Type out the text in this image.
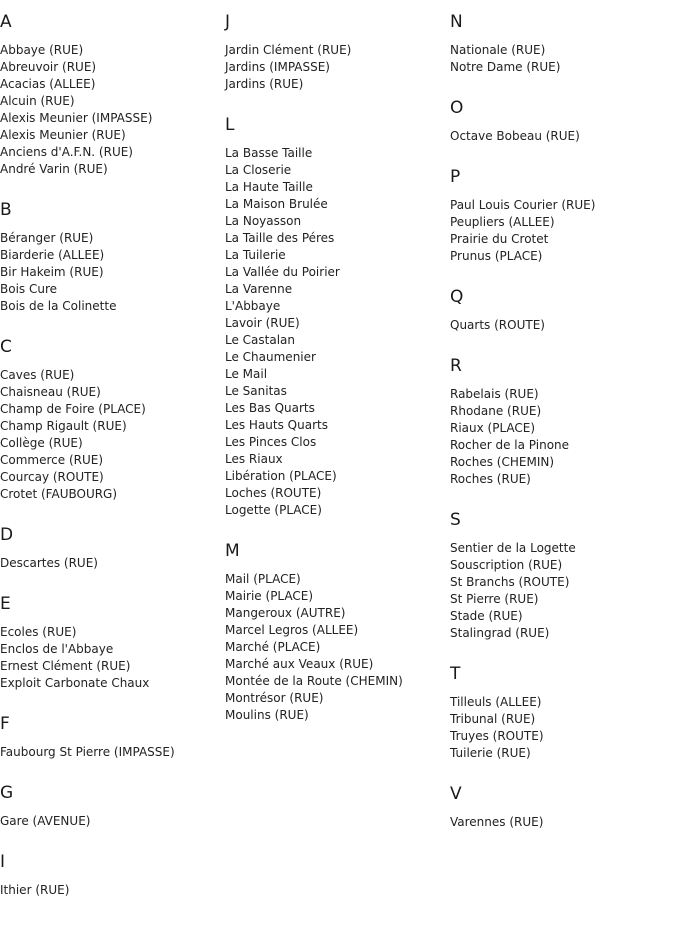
A
Abbaye (RUE)
Abreuvoir (RUE)
Acacias (ALLEE)
Alcuin (RUE)
Alexis Meunier (IMPASSE)
Alexis Meunier (RUE)
Anciens d'A.F.N. (RUE)
André Varin (RUE)
B
Béranger (RUE)
Biarderie (ALLEE)
Bir Hakeim (RUE)
Bois Cure
Bois de la Colinette
C
Caves (RUE)
Chaisneau (RUE)
Champ de Foire (PLACE)
Champ Rigault (RUE)
Collège (RUE)
Commerce (RUE)
Courcay (ROUTE)
Crotet (FAUBOURG)
D
Descartes (RUE)
E
Ecoles (RUE)
Enclos de l'Abbaye
Ernest Clément (RUE)
Exploit Carbonate Chaux
F
Faubourg St Pierre (IMPASSE)
G
Gare (AVENUE)
I
Ithier (RUE)
J
Jardin Clément (RUE)
Jardins (IMPASSE)
Jardins (RUE)
L
La Basse Taille
La Closerie
La Haute Taille
La Maison Brulée
La Noyasson
La Taille des Péres
La Tuilerie
La Vallée du Poirier
La Varenne
L'Abbaye
Lavoir (RUE)
Le Castalan
Le Chaumenier
Le Mail
Le Sanitas
Les Bas Quarts
Les Hauts Quarts
Les Pinces Clos
Les Riaux
Libération (PLACE)
Loches (ROUTE)
Logette (PLACE)
M
Mail (PLACE)
Mairie (PLACE)
Mangeroux (AUTRE)
Marcel Legros (ALLEE)
Marché (PLACE)
Marché aux Veaux (RUE)
Montée de la Route (CHEMIN)
Montrésor (RUE)
Moulins (RUE)
N
Nationale (RUE)
Notre Dame (RUE)
O
Octave Bobeau (RUE)
P
Paul Louis Courier (RUE)
Peupliers (ALLEE)
Prairie du Crotet
Prunus (PLACE)
Q
Quarts (ROUTE)
R
Rabelais (RUE)
Rhodane (RUE)
Riaux (PLACE)
Rocher de la Pinone
Roches (CHEMIN)
Roches (RUE)
S
Sentier de la Logette
Souscription (RUE)
St Branchs (ROUTE)
St Pierre (RUE)
Stade (RUE)
Stalingrad (RUE)
T
Tilleuls (ALLEE)
Tribunal (RUE)
Truyes (ROUTE)
Tuilerie (RUE)
V
Varennes (RUE)
